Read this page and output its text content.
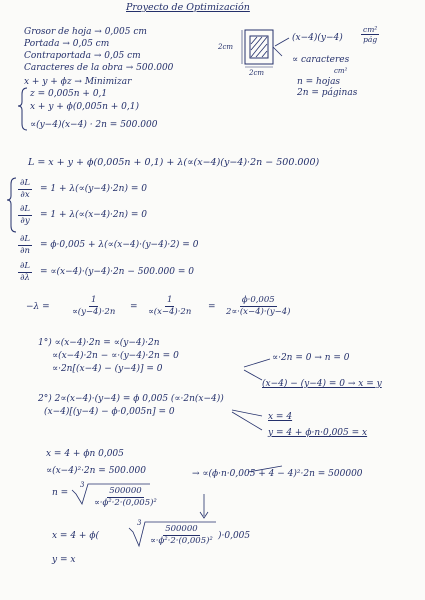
Proyecto de Optimización
Grosor de hoja → 0,005 cm
Portada → 0,05 cm
Contraportada → 0,05 cm
Caracteres de la obra → 500.000
x + y + ϕz → Minimizar
z = 0,005n + 0,1
x + y + ϕ(0,005n + 0,1)
∝(y−4)(x−4) · 2n = 500.000
2cm
2cm
(x−4)(y−4)
cm²
pág
∝ caracteres
cm²
n = hojas
2n = páginas
L = x + y + ϕ(0,005n + 0,1) + λ(∝(x−4)(y−4)·2n − 500.000)
$\frac{\partial L}{\partial x} = 1 + \lambda(\propto(y-4)\cdot 2n) = 0$
$\frac{\partial L}{\partial y} = 1 + \lambda(\propto(x-4)\cdot 2n) = 0$
$\frac{\partial L}{\partial n} = \phi\cdot 0,005 + \lambda(\propto(x-4)\cdot(y-4)\cdot 2) = 0$
$\frac{\partial L}{\partial\lambda} = \propto(x-4)\cdot(y-4)\cdot 2n - 500.000 = 0$
$-\lambda = \frac{1}{\propto(y-4)\cdot 2n} = \frac{1}{\propto(x-4)\cdot 2n} = \frac{\phi\cdot 0,005}{2\propto\cdot(x-4)\cdot(y-4)}$
1°) ∝(x−4)·2n = ∝(y−4)·2n
∝(x−4)·2n − ∝·(y−4)·2n = 0
∝·2n[(x−4) − (y−4)] = 0
∝·2n = 0 → n = 0
(x−4) − (y−4) = 0 → x = y
2°) 2∝(x−4)·(y−4) = ϕ 0,005 (∝·2n(x−4))
(x−4)[(y−4) − ϕ·0,005n] = 0	x = 4
y = 4 + ϕ·n·0,005 = x
x = 4 + ϕn 0,005
∝(x−4)²·2n = 500.000	→ ∝(ϕ·n·0,005 + 4 − 4)²·2n = 500000
n =
3
$\frac{500000}{\text{∝·ϕ²·2·(0,005)²}}$
x = 4 + ϕ(
3
$\frac{500000}{\text{∝·ϕ²·2·(0,005)²}} )\cdot 0,005$
y = x
